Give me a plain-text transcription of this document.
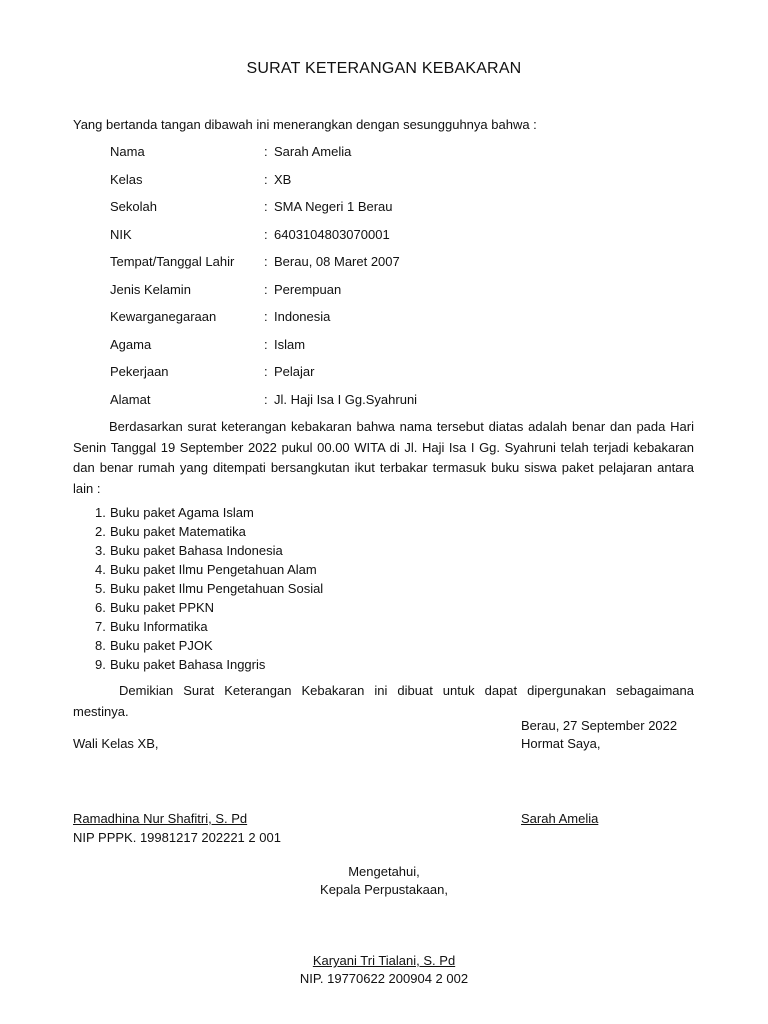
SURAT KETERANGAN KEBAKARAN
Yang bertanda tangan dibawah ini menerangkan dengan sesungguhnya bahwa :
Nama	: Sarah Amelia
Kelas	: XB
Sekolah	: SMA Negeri 1 Berau
NIK	: 6403104803070001
Tempat/Tanggal Lahir : Berau, 08 Maret 2007
Jenis Kelamin	: Perempuan
Kewarganegaraan	: Indonesia
Agama	: Islam
Pekerjaan	: Pelajar
Alamat	: Jl. Haji Isa I Gg.Syahruni
Berdasarkan surat keterangan kebakaran bahwa nama tersebut diatas adalah benar dan pada Hari Senin Tanggal 19 September 2022 pukul 00.00 WITA di Jl. Haji Isa I Gg. Syahruni telah terjadi kebakaran dan benar rumah yang ditempati bersangkutan ikut terbakar termasuk buku siswa paket pelajaran antara lain :
1. Buku paket Agama Islam
2. Buku paket Matematika
3. Buku paket Bahasa Indonesia
4. Buku paket Ilmu Pengetahuan Alam
5. Buku paket Ilmu Pengetahuan Sosial
6. Buku paket PPKN
7. Buku Informatika
8. Buku paket PJOK
9. Buku paket Bahasa Inggris
Demikian Surat Keterangan Kebakaran ini dibuat untuk dapat dipergunakan sebagaimana mestinya.
Berau, 27 September 2022
Wali Kelas XB,	Hormat Saya,
Ramadhina Nur Shafitri, S. Pd
NIP PPPK. 19981217 202221 2 001
Sarah Amelia
Mengetahui,
Kepala Perpustakaan,
Karyani Tri Tialani, S. Pd
NIP. 19770622 200904 2 002
